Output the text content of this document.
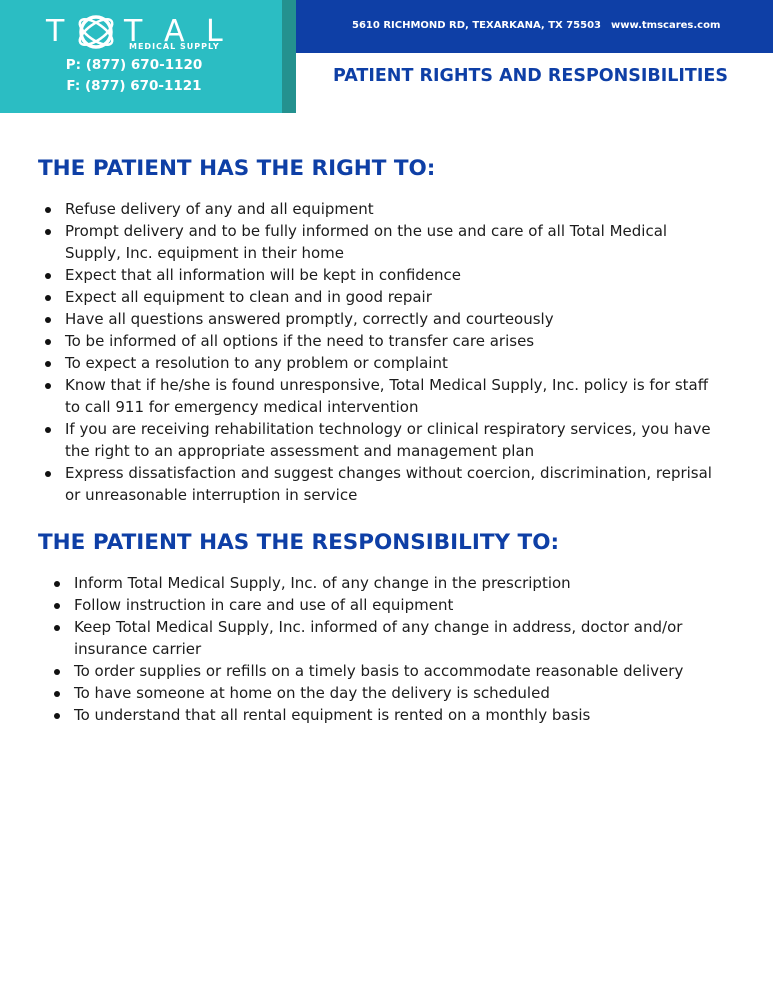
T T A L
MEDICAL SUPPLY
P: (877) 670-1120
F: (877) 670-1121
5610 RICHMOND RD, TEXARKANA, TX 75503 www.tmscares.com
PATIENT RIGHTS AND RESPONSIBILITIES
THE PATIENT HAS THE RIGHT TO:
Refuse delivery of any and all equipment
Prompt delivery and to be fully informed on the use and care of all Total Medical
Supply, Inc. equipment in their home
Expect that all information will be kept in confidence
Expect all equipment to clean and in good repair
Have all questions answered promptly, correctly and courteously
To be informed of all options if the need to transfer care arises
To expect a resolution to any problem or complaint
Know that if he/she is found unresponsive, Total Medical Supply, Inc. policy is for staff
to call 911 for emergency medical intervention
If you are receiving rehabilitation technology or clinical respiratory services, you have
the right to an appropriate assessment and management plan
Express dissatisfaction and suggest changes without coercion, discrimination, reprisal
or unreasonable interruption in service
THE PATIENT HAS THE RESPONSIBILITY TO:
Inform Total Medical Supply, Inc. of any change in the prescription
Follow instruction in care and use of all equipment
Keep Total Medical Supply, Inc. informed of any change in address, doctor and/or
insurance carrier
To order supplies or refills on a timely basis to accommodate reasonable delivery
To have someone at home on the day the delivery is scheduled
To understand that all rental equipment is rented on a monthly basis
